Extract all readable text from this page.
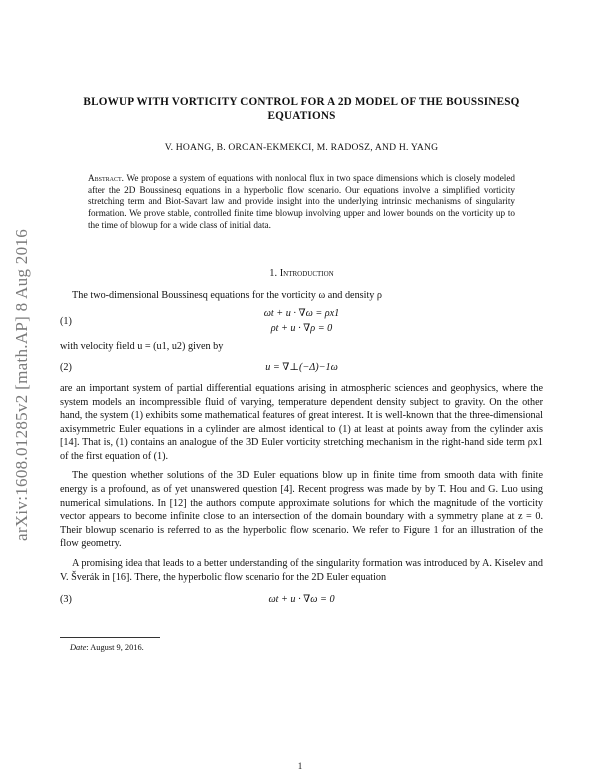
arXiv:1608.01285v2 [math.AP] 8 Aug 2016
BLOWUP WITH VORTICITY CONTROL FOR A 2D MODEL OF THE BOUSSINESQ EQUATIONS
V. HOANG, B. ORCAN-EKMEKCI, M. RADOSZ, AND H. YANG
Abstract. We propose a system of equations with nonlocal flux in two space dimensions which is closely modeled after the 2D Boussinesq equations in a hyperbolic flow scenario. Our equations involve a simplified vorticity stretching term and Biot-Savart law and provide insight into the underlying intrinsic mechanisms of singularity formation. We prove stable, controlled finite time blowup involving upper and lower bounds on the vorticity up to the time of blowup for a wide class of initial data.
1. Introduction

The two-dimensional Boussinesq equations for the vorticity ω and density ρ

(1)
ωt + u · ∇ω = ρx1
ρt + u · ∇ρ = 0

with velocity field u = (u1, u2) given by

(2)	u = ∇⊥(−Δ)−1ω

are an important system of partial differential equations arising in atmospheric sciences and geophysics, where the system models an incompressible fluid of varying, temperature dependent density subject to gravity. On the other hand, the system (1) exhibits some mathematical features of great interest. It is well-known that the three-dimensional axisymmetric Euler equations in a cylinder are almost identical to (1) at least at points away from the cylinder axis [14]. That is, (1) contains an analogue of the 3D Euler vorticity stretching mechanism in the right-hand side term ρx1 of the first equation of (1).

The question whether solutions of the 3D Euler equations blow up in finite time from smooth data with finite energy is a profound, as of yet unanswered question [4]. Recent progress was made by by T. Hou and G. Luo using numerical simulations. In [12] the authors compute approximate solutions for which the magnitude of the vorticity vector appears to become infinite close to an intersection of the domain boundary with a symmetry plane at z = 0. Their blowup scenario is referred to as the hyperbolic flow scenario. We refer to Figure 1 for an illustration of the flow geometry.

A promising idea that leads to a better understanding of the singularity formation was introduced by A. Kiselev and V. Šverák in [16]. There, the hyperbolic flow scenario for the 2D Euler equation

(3)	ωt + u · ∇ω = 0
Date: August 9, 2016.
1
